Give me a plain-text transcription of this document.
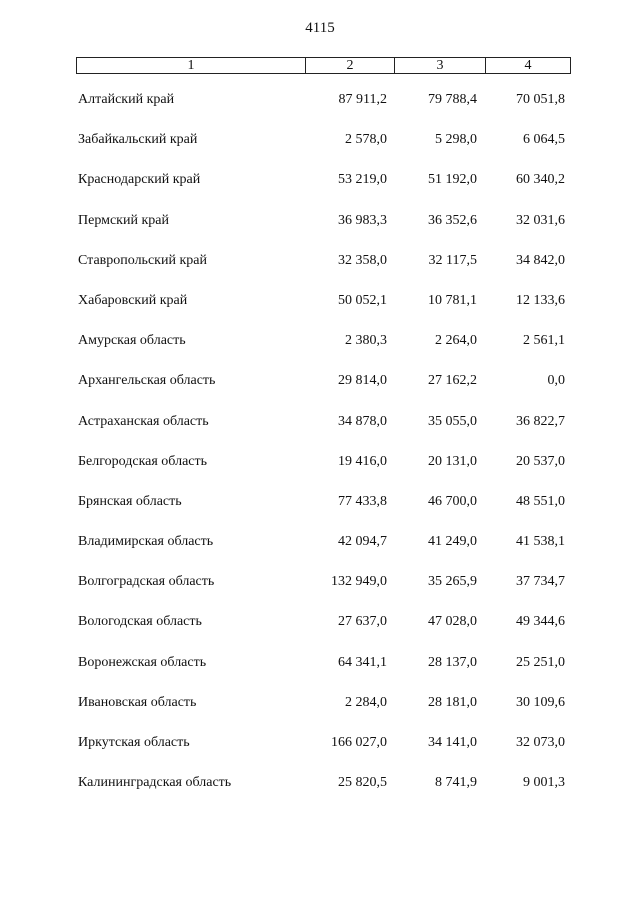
4115
1	2	3	4
Алтайский край	87 911,2	79 788,4	70 051,8
Забайкальский край	2 578,0	5 298,0	6 064,5
Краснодарский край	53 219,0	51 192,0	60 340,2
Пермский край	36 983,3	36 352,6	32 031,6
Ставропольский край	32 358,0	32 117,5	34 842,0
Хабаровский край	50 052,1	10 781,1	12 133,6
Амурская область	2 380,3	2 264,0	2 561,1
Архангельская область	29 814,0	27 162,2	0,0
Астраханская область	34 878,0	35 055,0	36 822,7
Белгородская область	19 416,0	20 131,0	20 537,0
Брянская область	77 433,8	46 700,0	48 551,0
Владимирская область	42 094,7	41 249,0	41 538,1
Волгоградская область	132 949,0	35 265,9	37 734,7
Вологодская область	27 637,0	47 028,0	49 344,6
Воронежская область	64 341,1	28 137,0	25 251,0
Ивановская область	2 284,0	28 181,0	30 109,6
Иркутская область	166 027,0	34 141,0	32 073,0
Калининградская область	25 820,5	8 741,9	9 001,3
